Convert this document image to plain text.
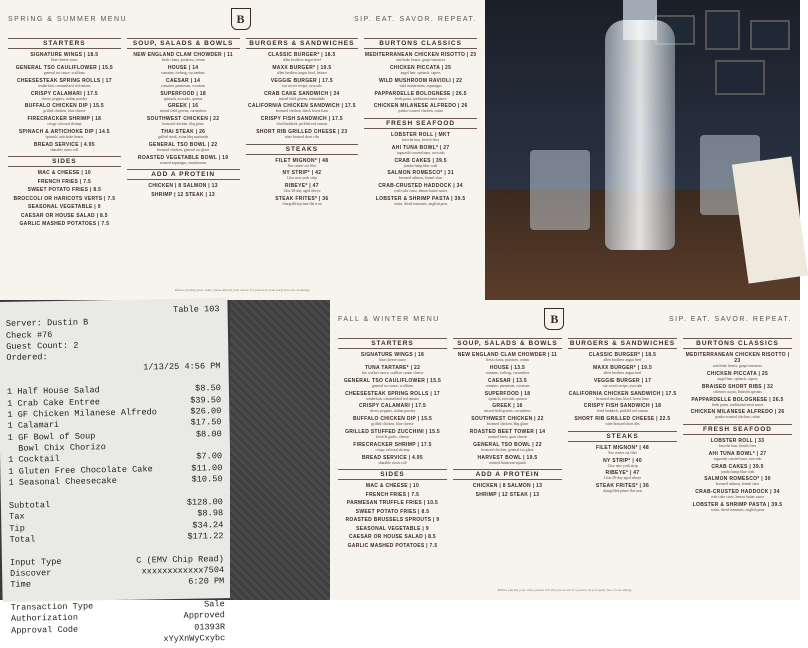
SPRING & SUMMER MENU	B	SIP. EAT. SAVOR. REPEAT.
STARTERS
SIGNATURE WINGS | 18.5
blue cheese sauce
GENERAL TSO CAULIFLOWER | 15.5
general tso sauce, scallions
CHEESESTEAK SPRING ROLLS | 17
tenderloin, caramelized red onions
CRISPY CALAMARI | 17.5
cherry peppers, italian parsley
BUFFALO CHICKEN DIP | 15.5
grilled chicken, blue cheese
FIRECRACKER SHRIMP | 18
crispy colossal shrimp
SPINACH & ARTICHOKE DIP | 14.5
spinach, artichoke hearts
BREAD SERVICE | 4.95
sharable rustic roll
SIDES
MAC & CHEESE | 10
FRENCH FRIES | 7.5
SWEET POTATO FRIES | 8.5
BROCCOLI OR HARICOTS VERTS | 7.5
SEASONAL VEGETABLE | 9
CAESAR OR HOUSE SALAD | 8.5
GARLIC MASHED POTATOES | 7.5
SOUP, SALADS & BOWLS
NEW ENGLAND CLAM CHOWDER | 11
fresh clams, potatoes, cream
HOUSE | 14
romaine, iceberg, cucumbers
CAESAR | 14
romaine, parmesan, croutons
SUPERFOOD | 18
spinach, avocado, quinoa
GREEK | 16
mixed field greens, cucumbers
SOUTHWEST CHICKEN | 22
bronzed chicken, bbq glaze
THAI STEAK | 26
grilled steak, asian bbq marinade
GENERAL TSO BOWL | 22
bronzed chicken, general tso glaze
ROASTED VEGETABLE BOWL | 19
roasted asparagus, mushrooms
ADD A PROTEIN
CHICKEN | 8 SALMON | 13
SHRIMP | 12 STEAK | 13
BURGERS & SANDWICHES
CLASSIC BURGER* | 18.5
allen brothers angus beef
MAXX BURGER* | 19.5
allen brothers angus beef, lettuce
VEGGIE BURGER | 17.5
our secret recipe, avocado
CRAB CAKE SANDWICH | 24
mixed field greens, remoulade
CALIFORNIA CHICKEN SANDWICH | 17.5
bronzed chicken, black forest ham
CRISPY FISH SANDWICH | 17.5
fried haddock, pickled red onions
SHORT RIB GRILLED CHEESE | 23
wine braised short ribs
STEAKS
FILET MIGNON* | 48
8oz center cut filet
NY STRIP* | 42
12oz new york strip
RIBEYE* | 47
14oz 28-day aged ribeye
STEAK FRITES* | 36
chargrilled prime flat iron
BURTONS CLASSICS
MEDITERRANEAN CHICKEN RISOTTO | 23
artichoke hearts, grape tomatoes
CHICKEN PICCATA | 25
angel hair, spinach, capers
WILD MUSHROOM RAVIOLI | 22
wild mushrooms, asparagus
PAPPARDELLE BOLOGNESE | 26.5
fresh pasta, traditional meat sauce
CHICKEN MILANESE ALFREDO | 26
panko-crusted chicken, rotini
FRESH SEAFOOD
LOBSTER ROLL | MKT
brioche bun, french fries
AHI TUNA BOWL* | 27
togarashi crusted tuna, avocado
CRAB CAKES | 39.5
jumbo lump blue crab
SALMON ROMESCO* | 31
bronzed salmon, fennel slaw
CRAB-CRUSTED HADDOCK | 34
crab cake crust, lemon butter sauce
LOBSTER & SHRIMP PASTA | 39.5
rotini, diced tomatoes, english peas
Before placing your order, please inform your server if a person in your party has a food allergy.
Table 103
Server: Dustin B
Check #76
Guest Count: 2
Ordered:
1/13/25 4:56 PM

1 Half House Salad	$8.50
1 Crab Cake Entree	$39.50
1 GF Chicken Milanese Alfredo	$26.00
1 Calamari	$17.50
1 GF Bowl of Soup	$8.00
Bowl Chix Chorizo
1 Cocktail	$7.00
1 Gluten Free Chocolate Cake	$11.00
1 Seasonal Cheesecake	$10.50

Subtotal	$128.00
Tax	$8.98
Tip	$34.24
Total	$171.22

Input Type	C (EMV Chip Read)
Discover	xxxxxxxxxxxx7504
Time	6:20 PM

Transaction Type	Sale
Authorization	Approved
Approval Code	01393R

xYyXnWyCxybc
FALL & WINTER MENU	B	SIP. EAT. SAVOR. REPEAT.
STARTERS
SIGNATURE WINGS | 18
blue cheese sauce
TUNA TARTARE* | 22
fire cracker sauce, scallion cream cheese
GENERAL TSO CAULIFLOWER | 15.5
general tso sauce, scallions
CHEESESTEAK SPRING ROLLS | 17
tenderloin, caramelized red onions
CRISPY CALAMARI | 17.5
cherry peppers, italian parsley
BUFFALO CHICKEN DIP | 15.5
grilled chicken, blue cheese
GRILLED STUFFED ZUCCHINI | 15.5
fresh & garlic, cheese
FIRECRACKER SHRIMP | 17.5
crispy colossal shrimp
BREAD SERVICE | 4.95
sharable rustic roll
SIDES
MAC & CHEESE | 10
FRENCH FRIES | 7.5
PARMESAN TRUFFLE FRIES | 10.5
SWEET POTATO FRIES | 8.5
ROASTED BRUSSELS SPROUTS | 9
SEASONAL VEGETABLE | 9
CAESAR OR HOUSE SALAD | 8.5
GARLIC MASHED POTATOES | 7.5
SOUP, SALADS & BOWLS
NEW ENGLAND CLAM CHOWDER | 11
fresh clams, potatoes, cream
HOUSE | 13.5
romaine, iceberg, cucumbers
CAESAR | 13.5
romaine, parmesan, croutons
SUPERFOOD | 18
spinach, avocado, quinoa
GREEK | 16
mixed field greens, cucumbers
SOUTHWEST CHICKEN | 22
bronzed chicken, bbq glaze
ROASTED BEET TOWER | 14
roasted beets, goat cheese
GENERAL TSO BOWL | 22
bronzed chicken, general tso glaze
HARVEST BOWL | 19.5
roasted butternut squash
ADD A PROTEIN
CHICKEN | 8 SALMON | 13
SHRIMP | 12 STEAK | 13
BURGERS & SANDWICHES
CLASSIC BURGER* | 18.5
allen brothers angus beef
MAXX BURGER* | 19.5
allen brothers angus beef
VEGGIE BURGER | 17
our secret recipe, avocado
CALIFORNIA CHICKEN SANDWICH | 17.5
bronzed chicken, black forest ham
CRISPY FISH SANDWICH | 18
fried haddock, pickled red onions
SHORT RIB GRILLED CHEESE | 22.5
wine braised short ribs
STEAKS
FILET MIGNON* | 48
8oz center cut filet
NY STRIP* | 40
12oz new york strip
RIBEYE* | 47
14oz 28-day aged ribeye
STEAK FRITES* | 36
chargrilled prime flat iron
BURTONS CLASSICS
MEDITERRANEAN CHICKEN RISOTTO | 23
artichoke hearts, grape tomatoes
CHICKEN PICCATA | 25
angel hair, spinach, capers
BRAISED SHORT RIBS | 32
cabernet au jus, brussels sprouts
PAPPARDELLE BOLOGNESE | 26.5
fresh pasta, traditional meat sauce
CHICKEN MILANESE ALFREDO | 26
panko-crusted chicken, rotini
FRESH SEAFOOD
LOBSTER ROLL | 33
brioche bun, french fries
AHI TUNA BOWL* | 27
togarashi crusted tuna, avocado
CRAB CAKES | 39.5
jumbo lump blue crab
SALMON ROMESCO* | 30
bronzed salmon, fennel slaw
CRAB-CRUSTED HADDOCK | 34
crab cake crust, lemon butter sauce
LOBSTER & SHRIMP PASTA | 39.5
rotini, diced tomatoes, english peas
Before placing your order, please inform your server if a person in your party has a food allergy.
